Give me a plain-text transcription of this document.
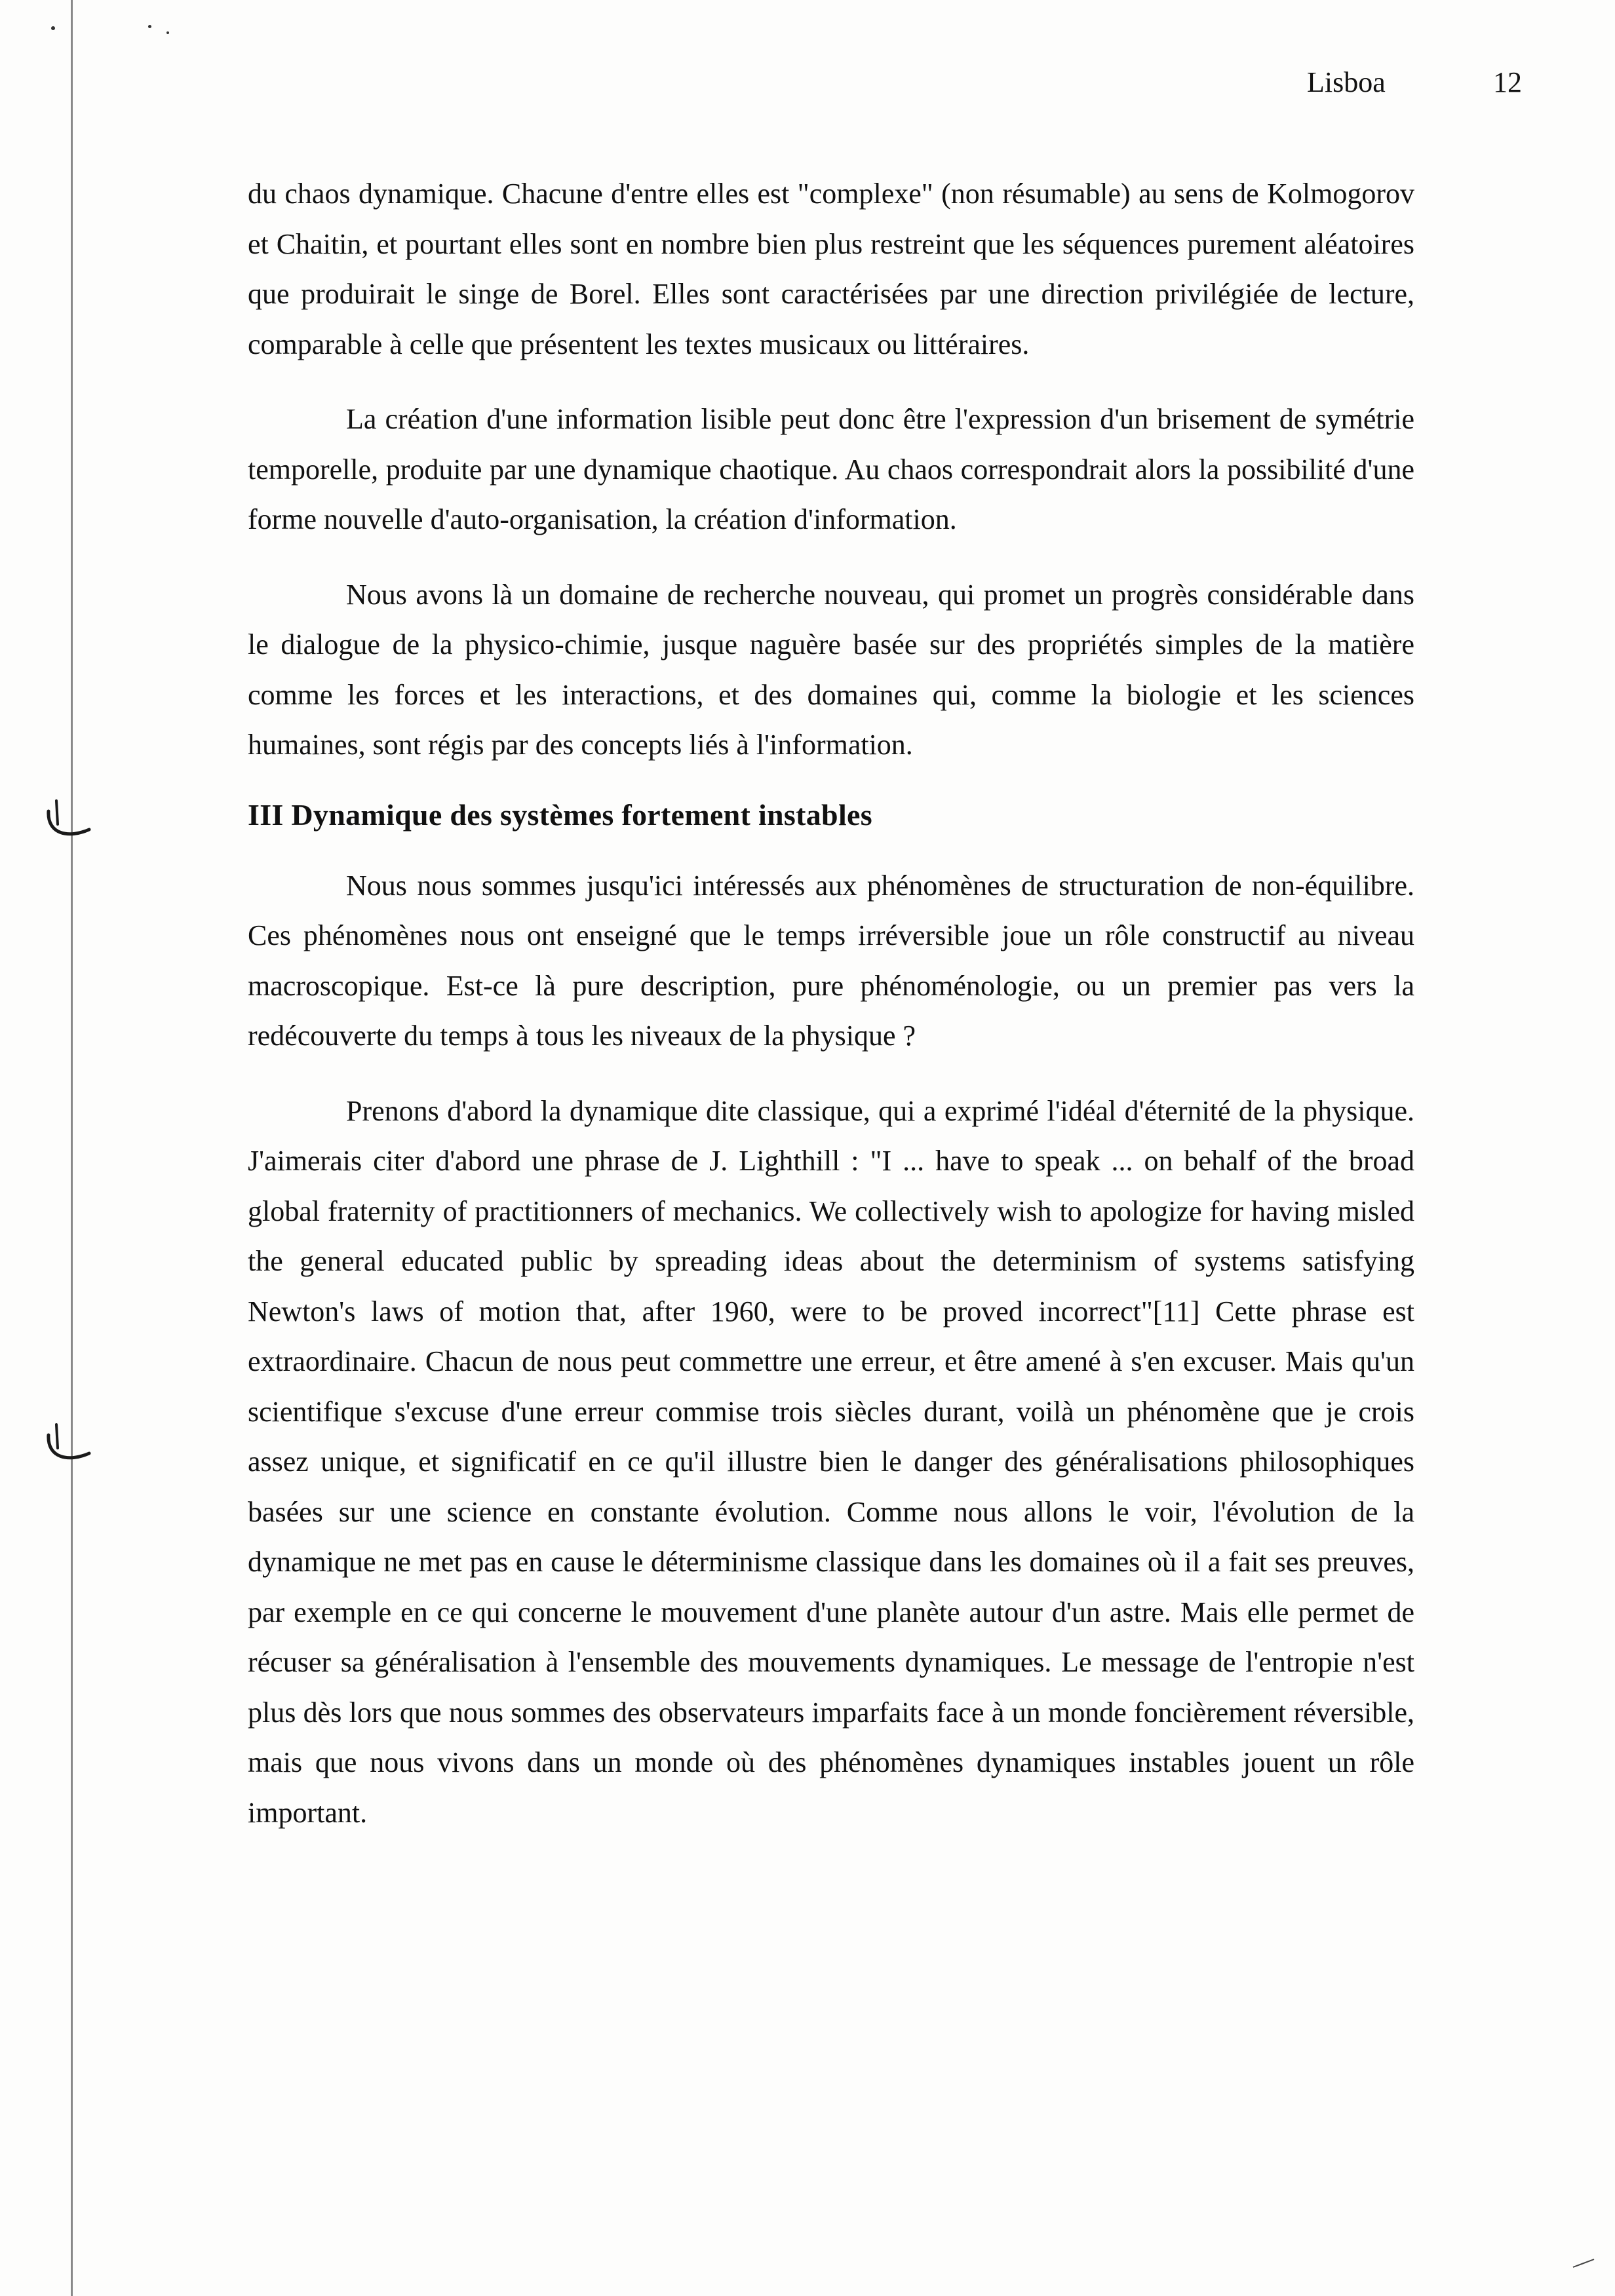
Lisboa	12

du chaos dynamique. Chacune d'entre elles est "complexe" (non résumable) au sens de Kolmogorov et Chaitin, et pourtant elles sont en nombre bien plus restreint que les séquences purement aléatoires que produirait le singe de Borel. Elles sont caractérisées par une direction privilégiée de lecture, comparable à celle que présentent les textes musicaux ou littéraires.

La création d'une information lisible peut donc être l'expression d'un brisement de symétrie temporelle, produite par une dynamique chaotique. Au chaos correspondrait alors la possibilité d'une forme nouvelle d'auto-organisation, la création d'information.

Nous avons là un domaine de recherche nouveau, qui promet un progrès considérable dans le dialogue de la physico-chimie, jusque naguère basée sur des propriétés simples de la matière comme les forces et les interactions, et des domaines qui, comme la biologie et les sciences humaines, sont régis par des concepts liés à l'information.

III Dynamique des systèmes fortement instables

Nous nous sommes jusqu'ici intéressés aux phénomènes de structuration de non-équilibre. Ces phénomènes nous ont enseigné que le temps irréversible joue un rôle constructif au niveau macroscopique. Est-ce là pure description, pure phénoménologie, ou un premier pas vers la redécouverte du temps à tous les niveaux de la physique ?

Prenons d'abord la dynamique dite classique, qui a exprimé l'idéal d'éternité de la physique. J'aimerais citer d'abord une phrase de J. Lighthill : "I ... have to speak ... on behalf of the broad global fraternity of practitionners of mechanics. We collectively wish to apologize for having misled the general educated public by spreading ideas about the determinism of systems satisfying Newton's laws of motion that, after 1960, were to be proved incorrect"[11] Cette phrase est extraordinaire. Chacun de nous peut commettre une erreur, et être amené à s'en excuser. Mais qu'un scientifique s'excuse d'une erreur commise trois siècles durant, voilà un phénomène que je crois assez unique, et significatif en ce qu'il illustre bien le danger des généralisations philosophiques basées sur une science en constante évolution. Comme nous allons le voir, l'évolution de la dynamique ne met pas en cause le déterminisme classique dans les domaines où il a fait ses preuves, par exemple en ce qui concerne le mouvement d'une planète autour d'un astre. Mais elle permet de récuser sa généralisation à l'ensemble des mouvements dynamiques. Le message de l'entropie n'est plus dès lors que nous sommes des observateurs imparfaits face à un monde foncièrement réversible, mais que nous vivons dans un monde où des phénomènes dynamiques instables jouent un rôle important.
